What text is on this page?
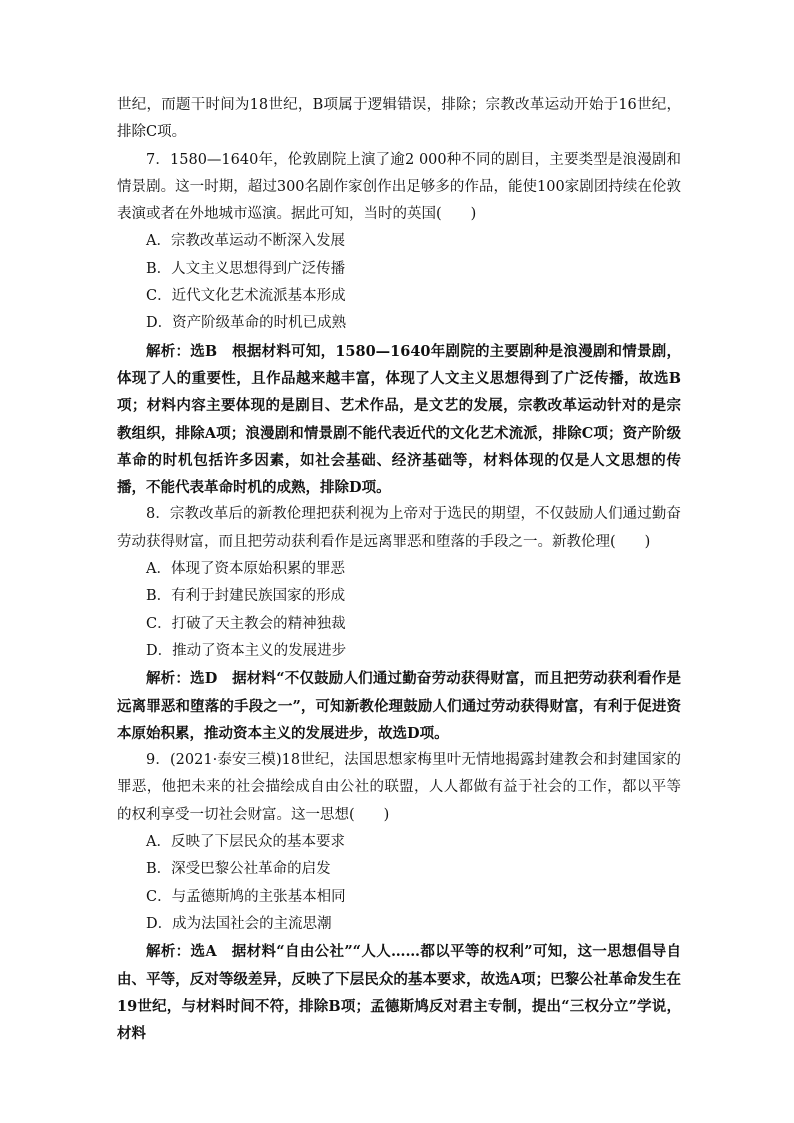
世纪，而题干时间为18世纪，B项属于逻辑错误，排除；宗教改革运动开始于16世纪，排除C项。

7．1580—1640年，伦敦剧院上演了逾2 000种不同的剧目，主要类型是浪漫剧和情景剧。这一时期，超过300名剧作家创作出足够多的作品，能使100家剧团持续在伦敦表演或者在外地城市巡演。据此可知，当时的英国(　　)

A．宗教改革运动不断深入发展

B．人文主义思想得到广泛传播

C．近代文化艺术流派基本形成

D．资产阶级革命的时机已成熟

解析：选B　根据材料可知，1580—1640年剧院的主要剧种是浪漫剧和情景剧，体现了人的重要性，且作品越来越丰富，体现了人文主义思想得到了广泛传播，故选B项；材料内容主要体现的是剧目、艺术作品，是文艺的发展，宗教改革运动针对的是宗教组织，排除A项；浪漫剧和情景剧不能代表近代的文化艺术流派，排除C项；资产阶级革命的时机包括许多因素，如社会基础、经济基础等，材料体现的仅是人文思想的传播，不能代表革命时机的成熟，排除D项。

8．宗教改革后的新教伦理把获利视为上帝对于选民的期望，不仅鼓励人们通过勤奋劳动获得财富，而且把劳动获利看作是远离罪恶和堕落的手段之一。新教伦理(　　)

A．体现了资本原始积累的罪恶

B．有利于封建民族国家的形成

C．打破了天主教会的精神独裁

D．推动了资本主义的发展进步

解析：选D　据材料“不仅鼓励人们通过勤奋劳动获得财富，而且把劳动获利看作是远离罪恶和堕落的手段之一”，可知新教伦理鼓励人们通过劳动获得财富，有利于促进资本原始积累，推动资本主义的发展进步，故选D项。

9．(2021·泰安三模)18世纪，法国思想家梅里叶无情地揭露封建教会和封建国家的罪恶，他把未来的社会描绘成自由公社的联盟，人人都做有益于社会的工作，都以平等的权利享受一切社会财富。这一思想(　　)

A．反映了下层民众的基本要求

B．深受巴黎公社革命的启发

C．与孟德斯鸠的主张基本相同

D．成为法国社会的主流思潮

解析：选A　据材料“自由公社”“人人……都以平等的权利”可知，这一思想倡导自由、平等，反对等级差异，反映了下层民众的基本要求，故选A项；巴黎公社革命发生在19世纪，与材料时间不符，排除B项；孟德斯鸠反对君主专制，提出“三权分立”学说，材料
